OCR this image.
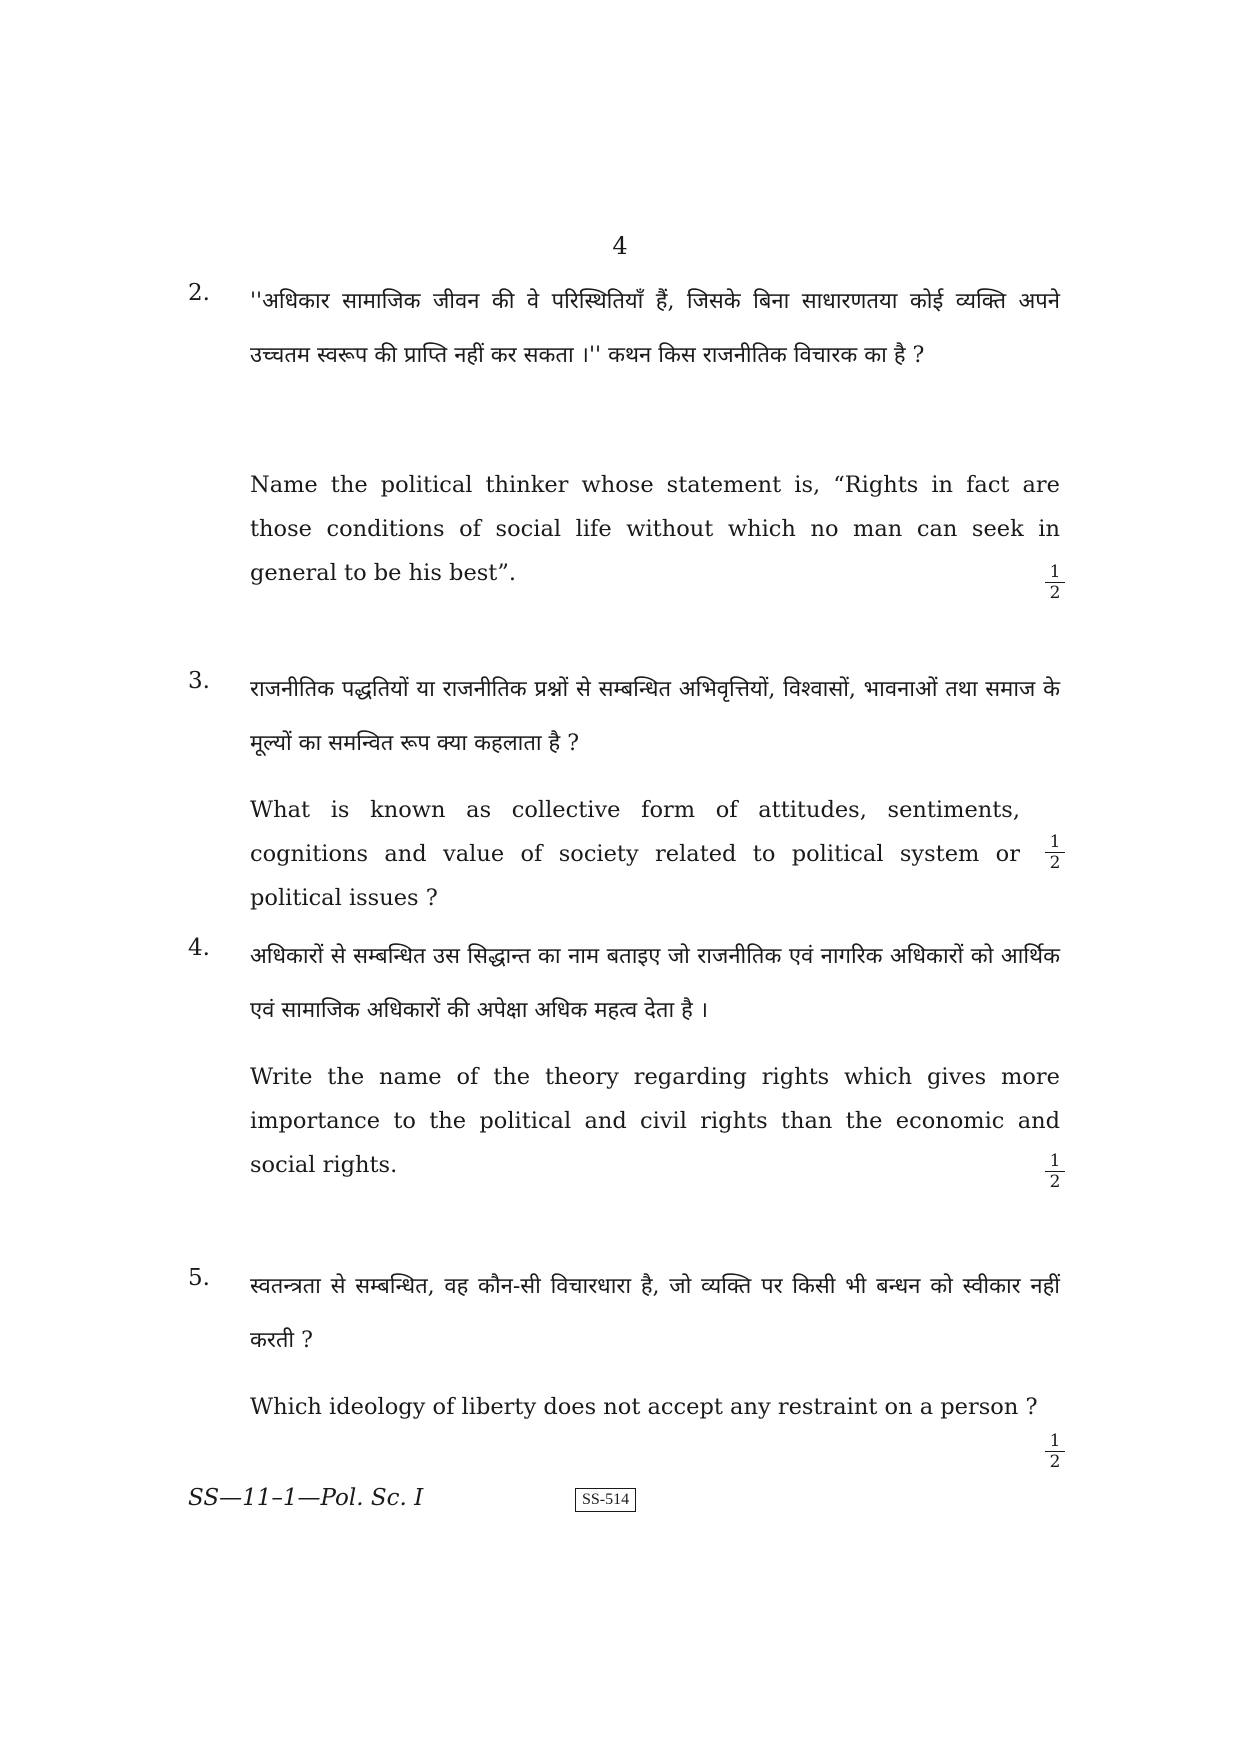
4
2. ''अधिकार सामाजिक जीवन की वे परिस्थितियाँ हैं, जिसके बिना साधारणतया कोई व्यक्ति अपने उच्चतम स्वरूप की प्राप्ति नहीं कर सकता ।'' कथन किस राजनीतिक विचारक का है ?
Name the political thinker whose statement is, “Rights in fact are those conditions of social life without which no man can seek in general to be his best”.	$\frac{1}{2}$
3. राजनीतिक पद्धतियों या राजनीतिक प्रश्नों से सम्बन्धित अभिवृत्तियों, विश्वासों, भावनाओं तथा समाज के मूल्यों का समन्वित रूप क्या कहलाता है ?
What is known as collective form of attitudes, sentiments, cognitions and value of society related to political system or political issues ?
$\frac{1}{2}$
4. अधिकारों से सम्बन्धित उस सिद्धान्त का नाम बताइए जो राजनीतिक एवं नागरिक अधिकारों को आर्थिक एवं सामाजिक अधिकारों की अपेक्षा अधिक महत्व देता है ।
Write the name of the theory regarding rights which gives more importance to the political and civil rights than the economic and social rights.	$\frac{1}{2}$
5. स्वतन्त्रता से सम्बन्धित, वह कौन-सी विचारधारा है, जो व्यक्ति पर किसी भी बन्धन को स्वीकार नहीं करती ?
Which ideology of liberty does not accept any restraint on a person ?
$\frac{1}{2}$
SS—11–1—Pol. Sc. I	SS-514
